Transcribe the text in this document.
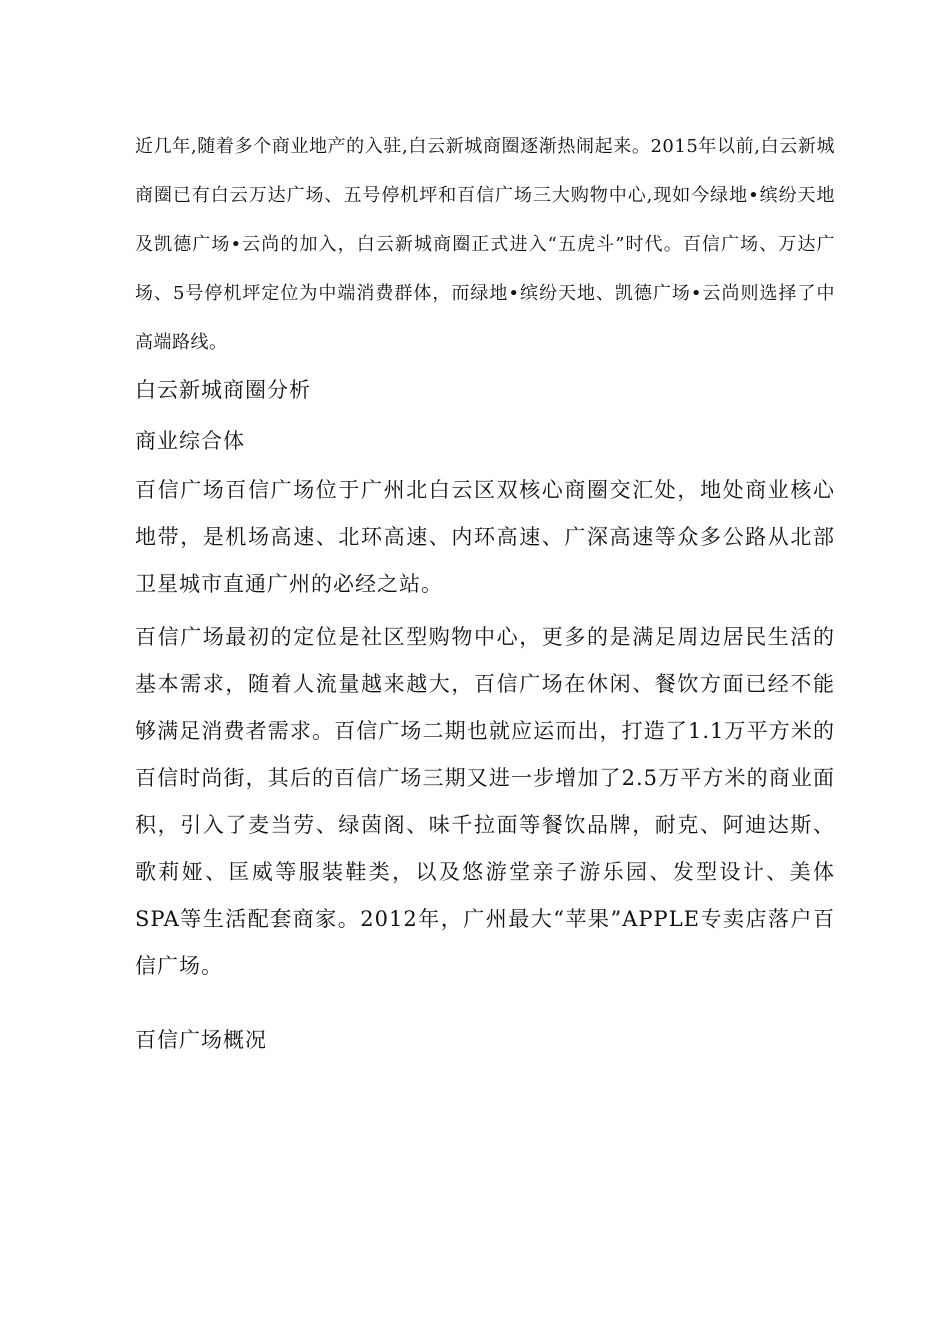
近几年,随着多个商业地产的入驻,白云新城商圈逐渐热闹起来。2015年以前,白云新城商圈已有白云万达广场、五号停机坪和百信广场三大购物中心,现如今绿地•缤纷天地及凯德广场•云尚的加入，白云新城商圈正式进入“五虎斗”时代。百信广场、万达广场、5号停机坪定位为中端消费群体，而绿地•缤纷天地、凯德广场•云尚则选择了中高端路线。

白云新城商圈分析

商业综合体

百信广场百信广场位于广州北白云区双核心商圈交汇处，地处商业核心地带，是机场高速、北环高速、内环高速、广深高速等众多公路从北部卫星城市直通广州的必经之站。

百信广场最初的定位是社区型购物中心，更多的是满足周边居民生活的基本需求，随着人流量越来越大，百信广场在休闲、餐饮方面已经不能够满足消费者需求。百信广场二期也就应运而出，打造了1.1万平方米的百信时尚街，其后的百信广场三期又进一步增加了2.5万平方米的商业面积，引入了麦当劳、绿茵阁、味千拉面等餐饮品牌，耐克、阿迪达斯、歌莉娅、匡威等服装鞋类，以及悠游堂亲子游乐园、发型设计、美体SPA等生活配套商家。2012年，广州最大“苹果”APPLE专卖店落户百信广场。

百信广场概况
